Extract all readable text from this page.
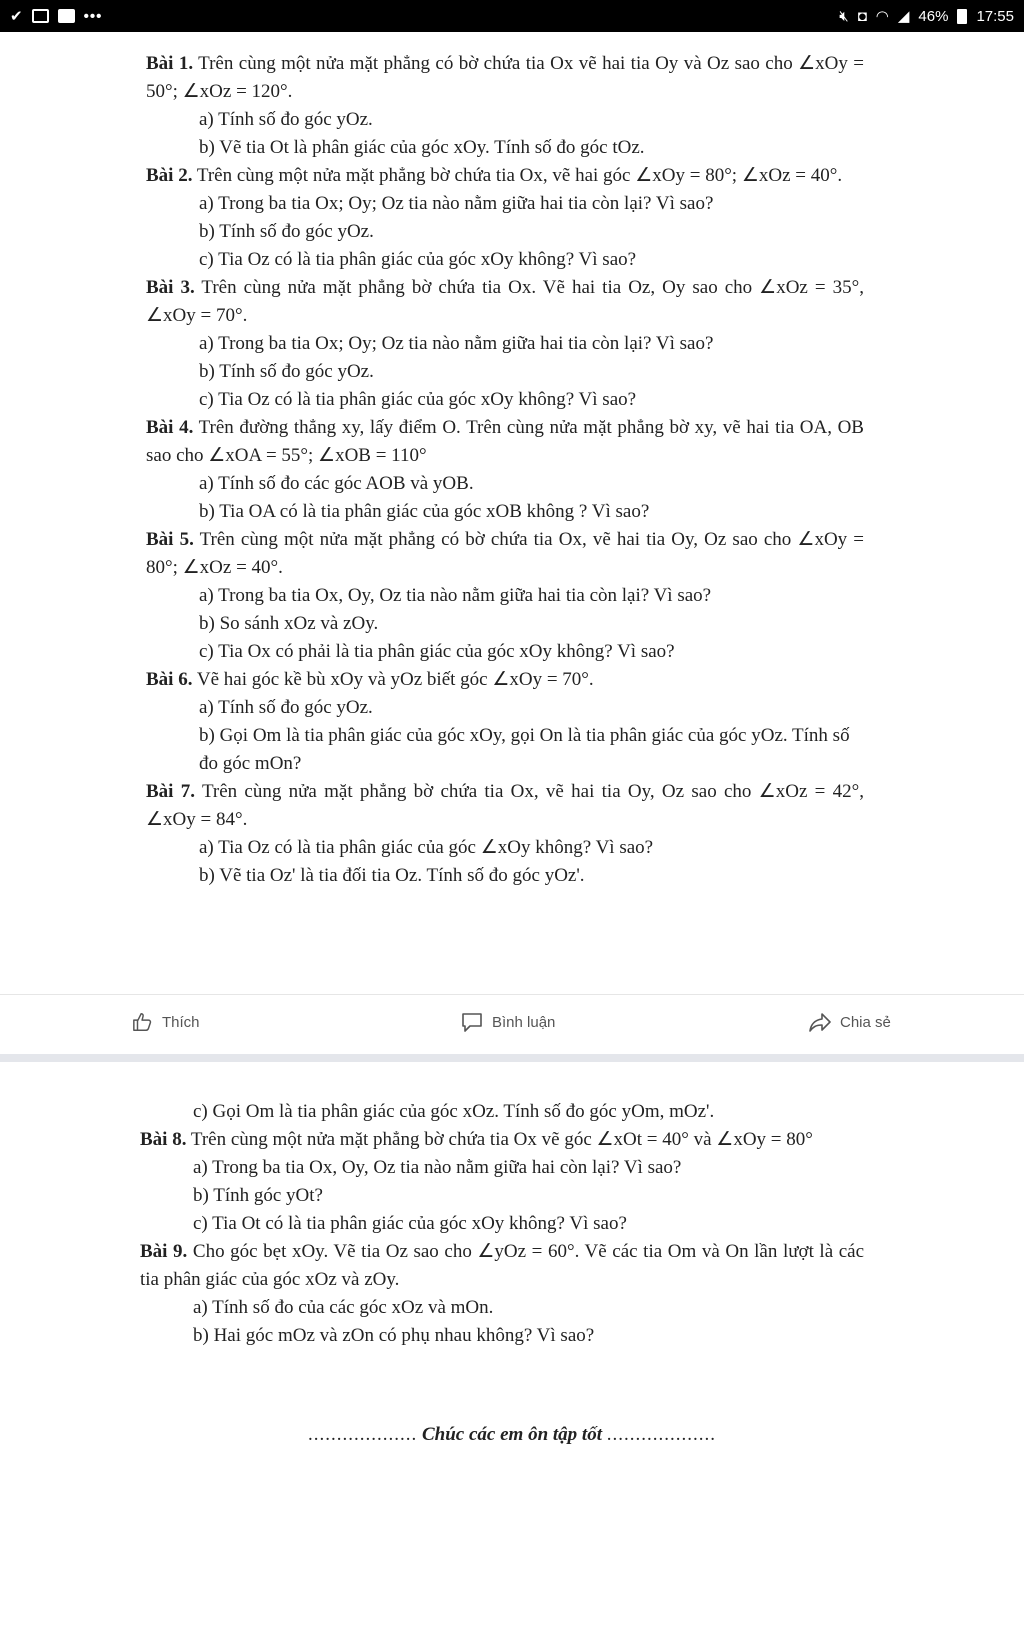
✔	•••	🔇︎ ◘ ◠ ◢ 46% 17:55

Bài 1. Trên cùng một nửa mặt phẳng có bờ chứa tia Ox vẽ hai tia Oy và Oz sao cho ∠xOy = 50°; ∠xOz = 120°.

a) Tính số đo góc yOz.

b) Vẽ tia Ot là phân giác của góc xOy. Tính số đo góc tOz.

Bài 2. Trên cùng một nửa mặt phẳng bờ chứa tia Ox, vẽ hai góc ∠xOy = 80°; ∠xOz = 40°.

a) Trong ba tia Ox; Oy; Oz tia nào nằm giữa hai tia còn lại? Vì sao?

b) Tính số đo góc yOz.

c) Tia Oz có là tia phân giác của góc xOy không? Vì sao?

Bài 3. Trên cùng nửa mặt phẳng bờ chứa tia Ox. Vẽ hai tia Oz, Oy sao cho ∠xOz = 35°, ∠xOy = 70°.

a) Trong ba tia Ox; Oy; Oz tia nào nằm giữa hai tia còn lại? Vì sao?

b) Tính số đo góc yOz.

c) Tia Oz có là tia phân giác của góc xOy không? Vì sao?

Bài 4. Trên đường thẳng xy, lấy điểm O. Trên cùng nửa mặt phẳng bờ xy, vẽ hai tia OA, OB sao cho ∠xOA = 55°; ∠xOB = 110°

a) Tính số đo các góc AOB và yOB.

b) Tia OA có là tia phân giác của góc xOB không ? Vì sao?

Bài 5. Trên cùng một nửa mặt phẳng có bờ chứa tia Ox, vẽ hai tia Oy, Oz sao cho ∠xOy = 80°; ∠xOz = 40°.

a) Trong ba tia Ox, Oy, Oz tia nào nằm giữa hai tia còn lại? Vì sao?

b) So sánh xOz và zOy.

c) Tia Ox có phải là tia phân giác của góc xOy không? Vì sao?

Bài 6. Vẽ hai góc kề bù xOy và yOz biết góc ∠xOy = 70°.

a) Tính số đo góc yOz.

b) Gọi Om là tia phân giác của góc xOy, gọi On là tia phân giác của góc yOz. Tính số đo góc mOn?

Bài 7. Trên cùng nửa mặt phẳng bờ chứa tia Ox, vẽ hai tia Oy, Oz sao cho ∠xOz = 42°, ∠xOy = 84°.

a) Tia Oz có là tia phân giác của góc ∠xOy không? Vì sao?

b) Vẽ tia Oz' là tia đối tia Oz. Tính số đo góc yOz'.

Thích	Bình luận	Chia sẻ

c) Gọi Om là tia phân giác của góc xOz. Tính số đo góc yOm, mOz'.

Bài 8. Trên cùng một nửa mặt phẳng bờ chứa tia Ox vẽ góc ∠xOt = 40° và ∠xOy = 80°

a) Trong ba tia Ox, Oy, Oz tia nào nằm giữa hai còn lại? Vì sao?

b) Tính góc yOt?

c) Tia Ot có là tia phân giác của góc xOy không? Vì sao?

Bài 9. Cho góc bẹt xOy. Vẽ tia Oz sao cho ∠yOz = 60°. Vẽ các tia Om và On lần lượt là các tia phân giác của góc xOz và zOy.

a) Tính số đo của các góc xOz và mOn.

b) Hai góc mOz và zOn có phụ nhau không? Vì sao?

................... Chúc các em ôn tập tốt ...................
